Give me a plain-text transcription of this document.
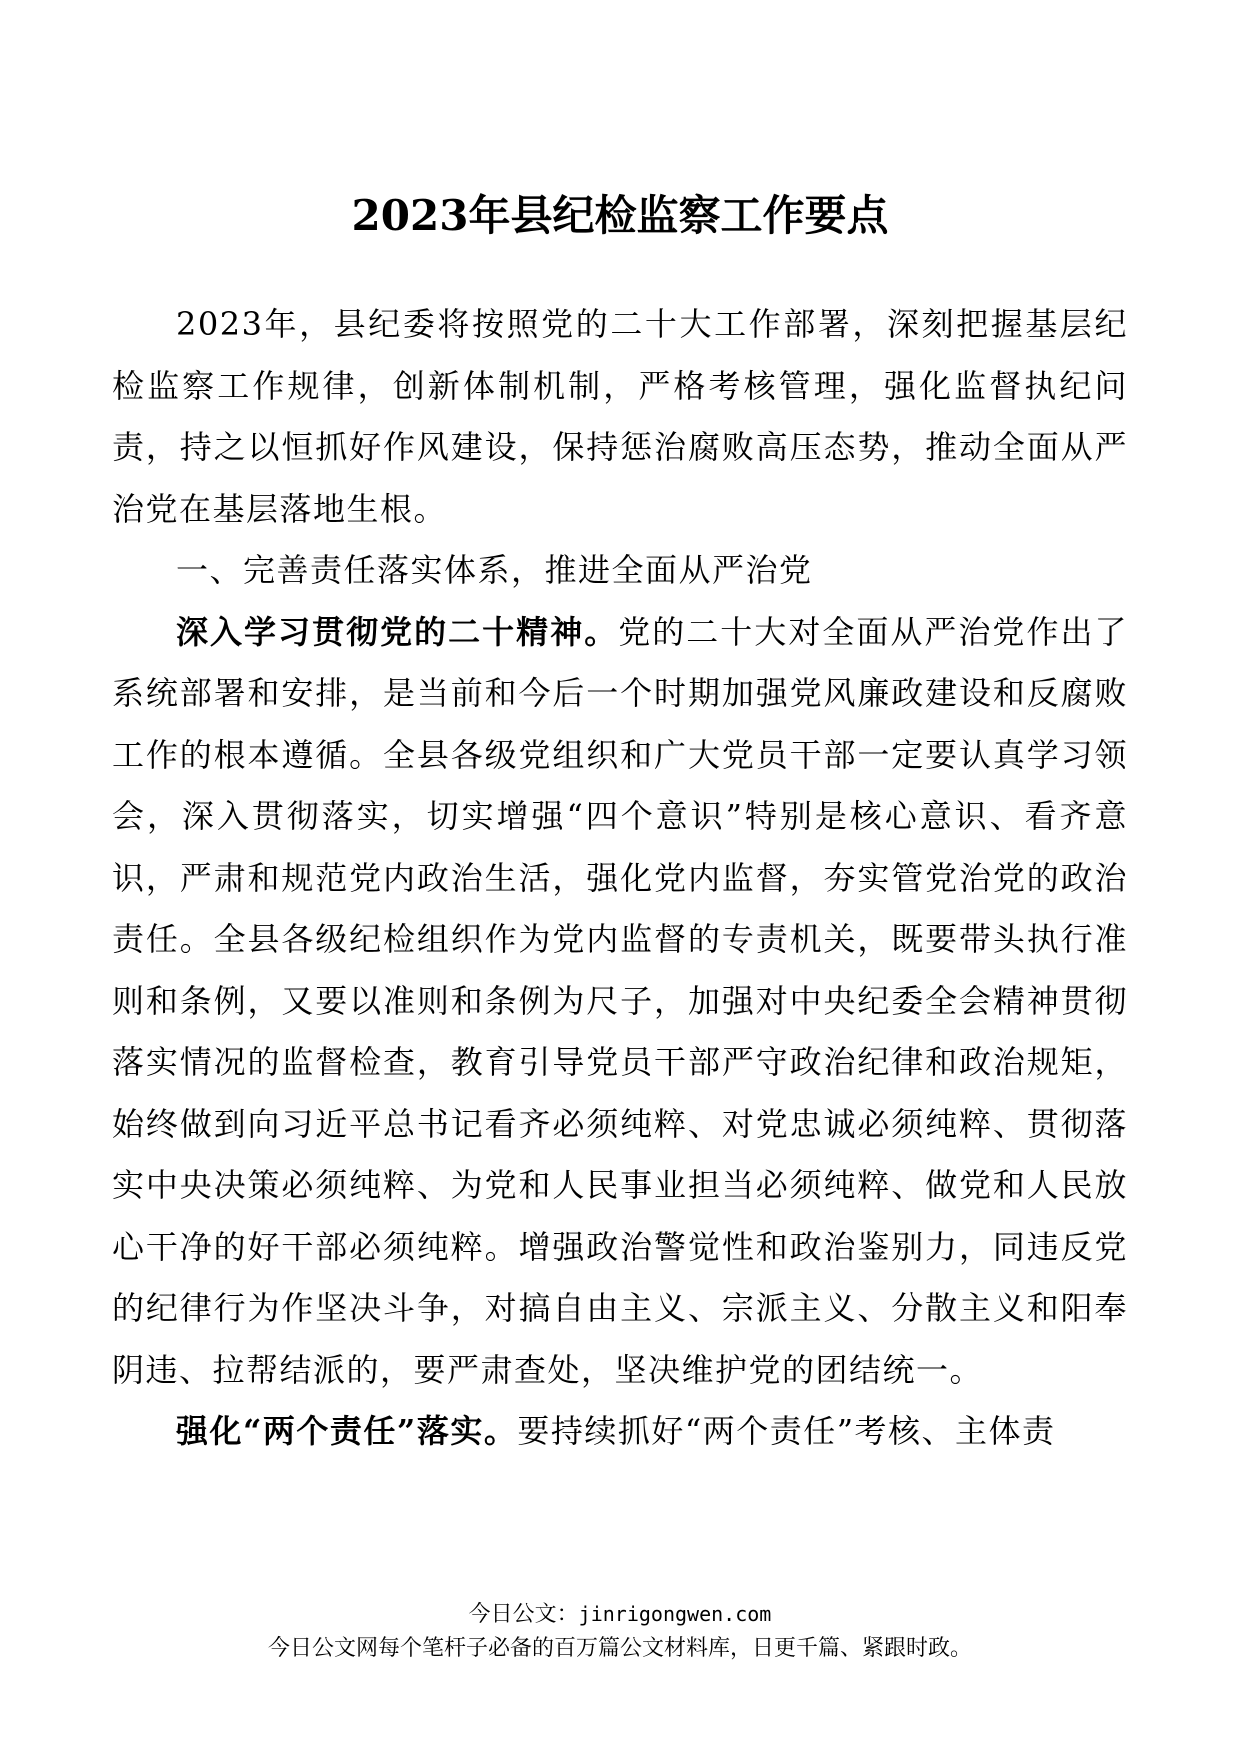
2023年县纪检监察工作要点

2023年，县纪委将按照党的二十大工作部署，深刻把握基层纪检监察工作规律，创新体制机制，严格考核管理，强化监督执纪问责，持之以恒抓好作风建设，保持惩治腐败高压态势，推动全面从严治党在基层落地生根。

一、完善责任落实体系，推进全面从严治党

深入学习贯彻党的二十精神。党的二十大对全面从严治党作出了系统部署和安排，是当前和今后一个时期加强党风廉政建设和反腐败工作的根本遵循。全县各级党组织和广大党员干部一定要认真学习领会，深入贯彻落实，切实增强“四个意识”特别是核心意识、看齐意识，严肃和规范党内政治生活，强化党内监督，夯实管党治党的政治责任。全县各级纪检组织作为党内监督的专责机关，既要带头执行准则和条例，又要以准则和条例为尺子，加强对中央纪委全会精神贯彻落实情况的监督检查，教育引导党员干部严守政治纪律和政治规矩，始终做到向习近平总书记看齐必须纯粹、对党忠诚必须纯粹、贯彻落实中央决策必须纯粹、为党和人民事业担当必须纯粹、做党和人民放心干净的好干部必须纯粹。增强政治警觉性和政治鉴别力，同违反党的纪律行为作坚决斗争，对搞自由主义、宗派主义、分散主义和阳奉阴违、拉帮结派的，要严肃查处，坚决维护党的团结统一。

强化“两个责任”落实。要持续抓好“两个责任”考核、主体责

今日公文：jinrigongwen.com
今日公文网每个笔杆子必备的百万篇公文材料库，日更千篇、紧跟时政。
